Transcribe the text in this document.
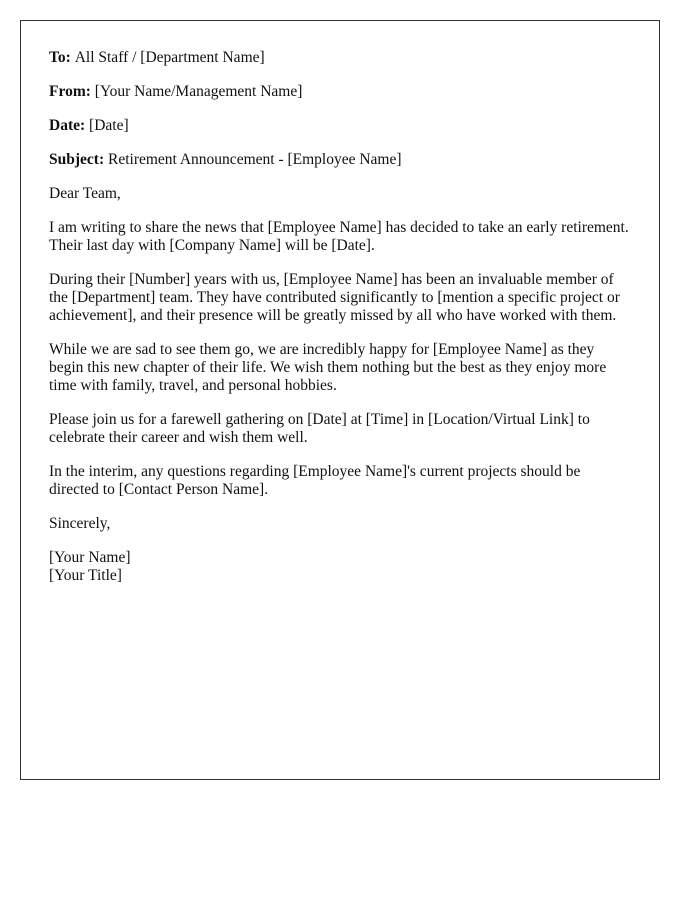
To: All Staff / [Department Name]

From: [Your Name/Management Name]

Date: [Date]

Subject: Retirement Announcement - [Employee Name]

Dear Team,

I am writing to share the news that [Employee Name] has decided to take an early retirement. Their last day with [Company Name] will be [Date].

During their [Number] years with us, [Employee Name] has been an invaluable member of the [Department] team. They have contributed significantly to [mention a specific project or achievement], and their presence will be greatly missed by all who have worked with them.

While we are sad to see them go, we are incredibly happy for [Employee Name] as they begin this new chapter of their life. We wish them nothing but the best as they enjoy more time with family, travel, and personal hobbies.

Please join us for a farewell gathering on [Date] at [Time] in [Location/Virtual Link] to celebrate their career and wish them well.

In the interim, any questions regarding [Employee Name]'s current projects should be directed to [Contact Person Name].

Sincerely,

[Your Name]

[Your Title]
